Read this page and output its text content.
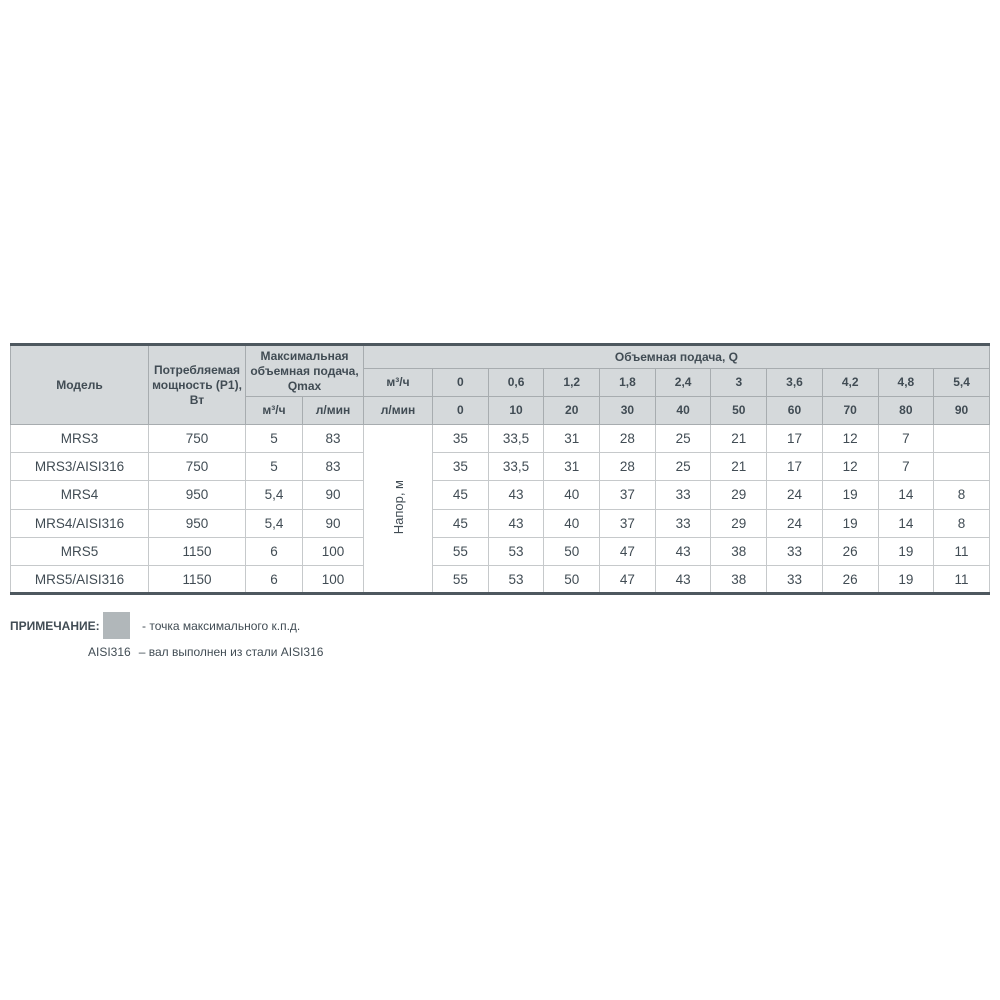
Модель	Потребляемая мощность (P1), Вт	Максимальная объемная подача, Qmax		Объемная подача, Q										
				м³/ч	0	0,6	1,2	1,8	2,4	3	3,6	4,2	4,8	5,4
		м³/ч	л/мин	л/мин	0	10	20	30	40	50	60	70	80	90
MRS3	750	5	83	Напор, м	35	33,5	31	28	25	21	17	12	7	
MRS3/AISI316	750	5	83		35	33,5	31	28	25	21	17	12	7	
MRS4	950	5,4	90		45	43	40	37	33	29	24	19	14	8
MRS4/AISI316	950	5,4	90		45	43	40	37	33	29	24	19	14	8
MRS5	1150	6	100		55	53	50	47	43	38	33	26	19	11
MRS5/AISI316	1150	6	100		55	53	50	47	43	38	33	26	19	11
ПРИМЕЧАНИЕ:	- точка максимального к.п.д.
AISI316 – вал выполнен из стали AISI316
